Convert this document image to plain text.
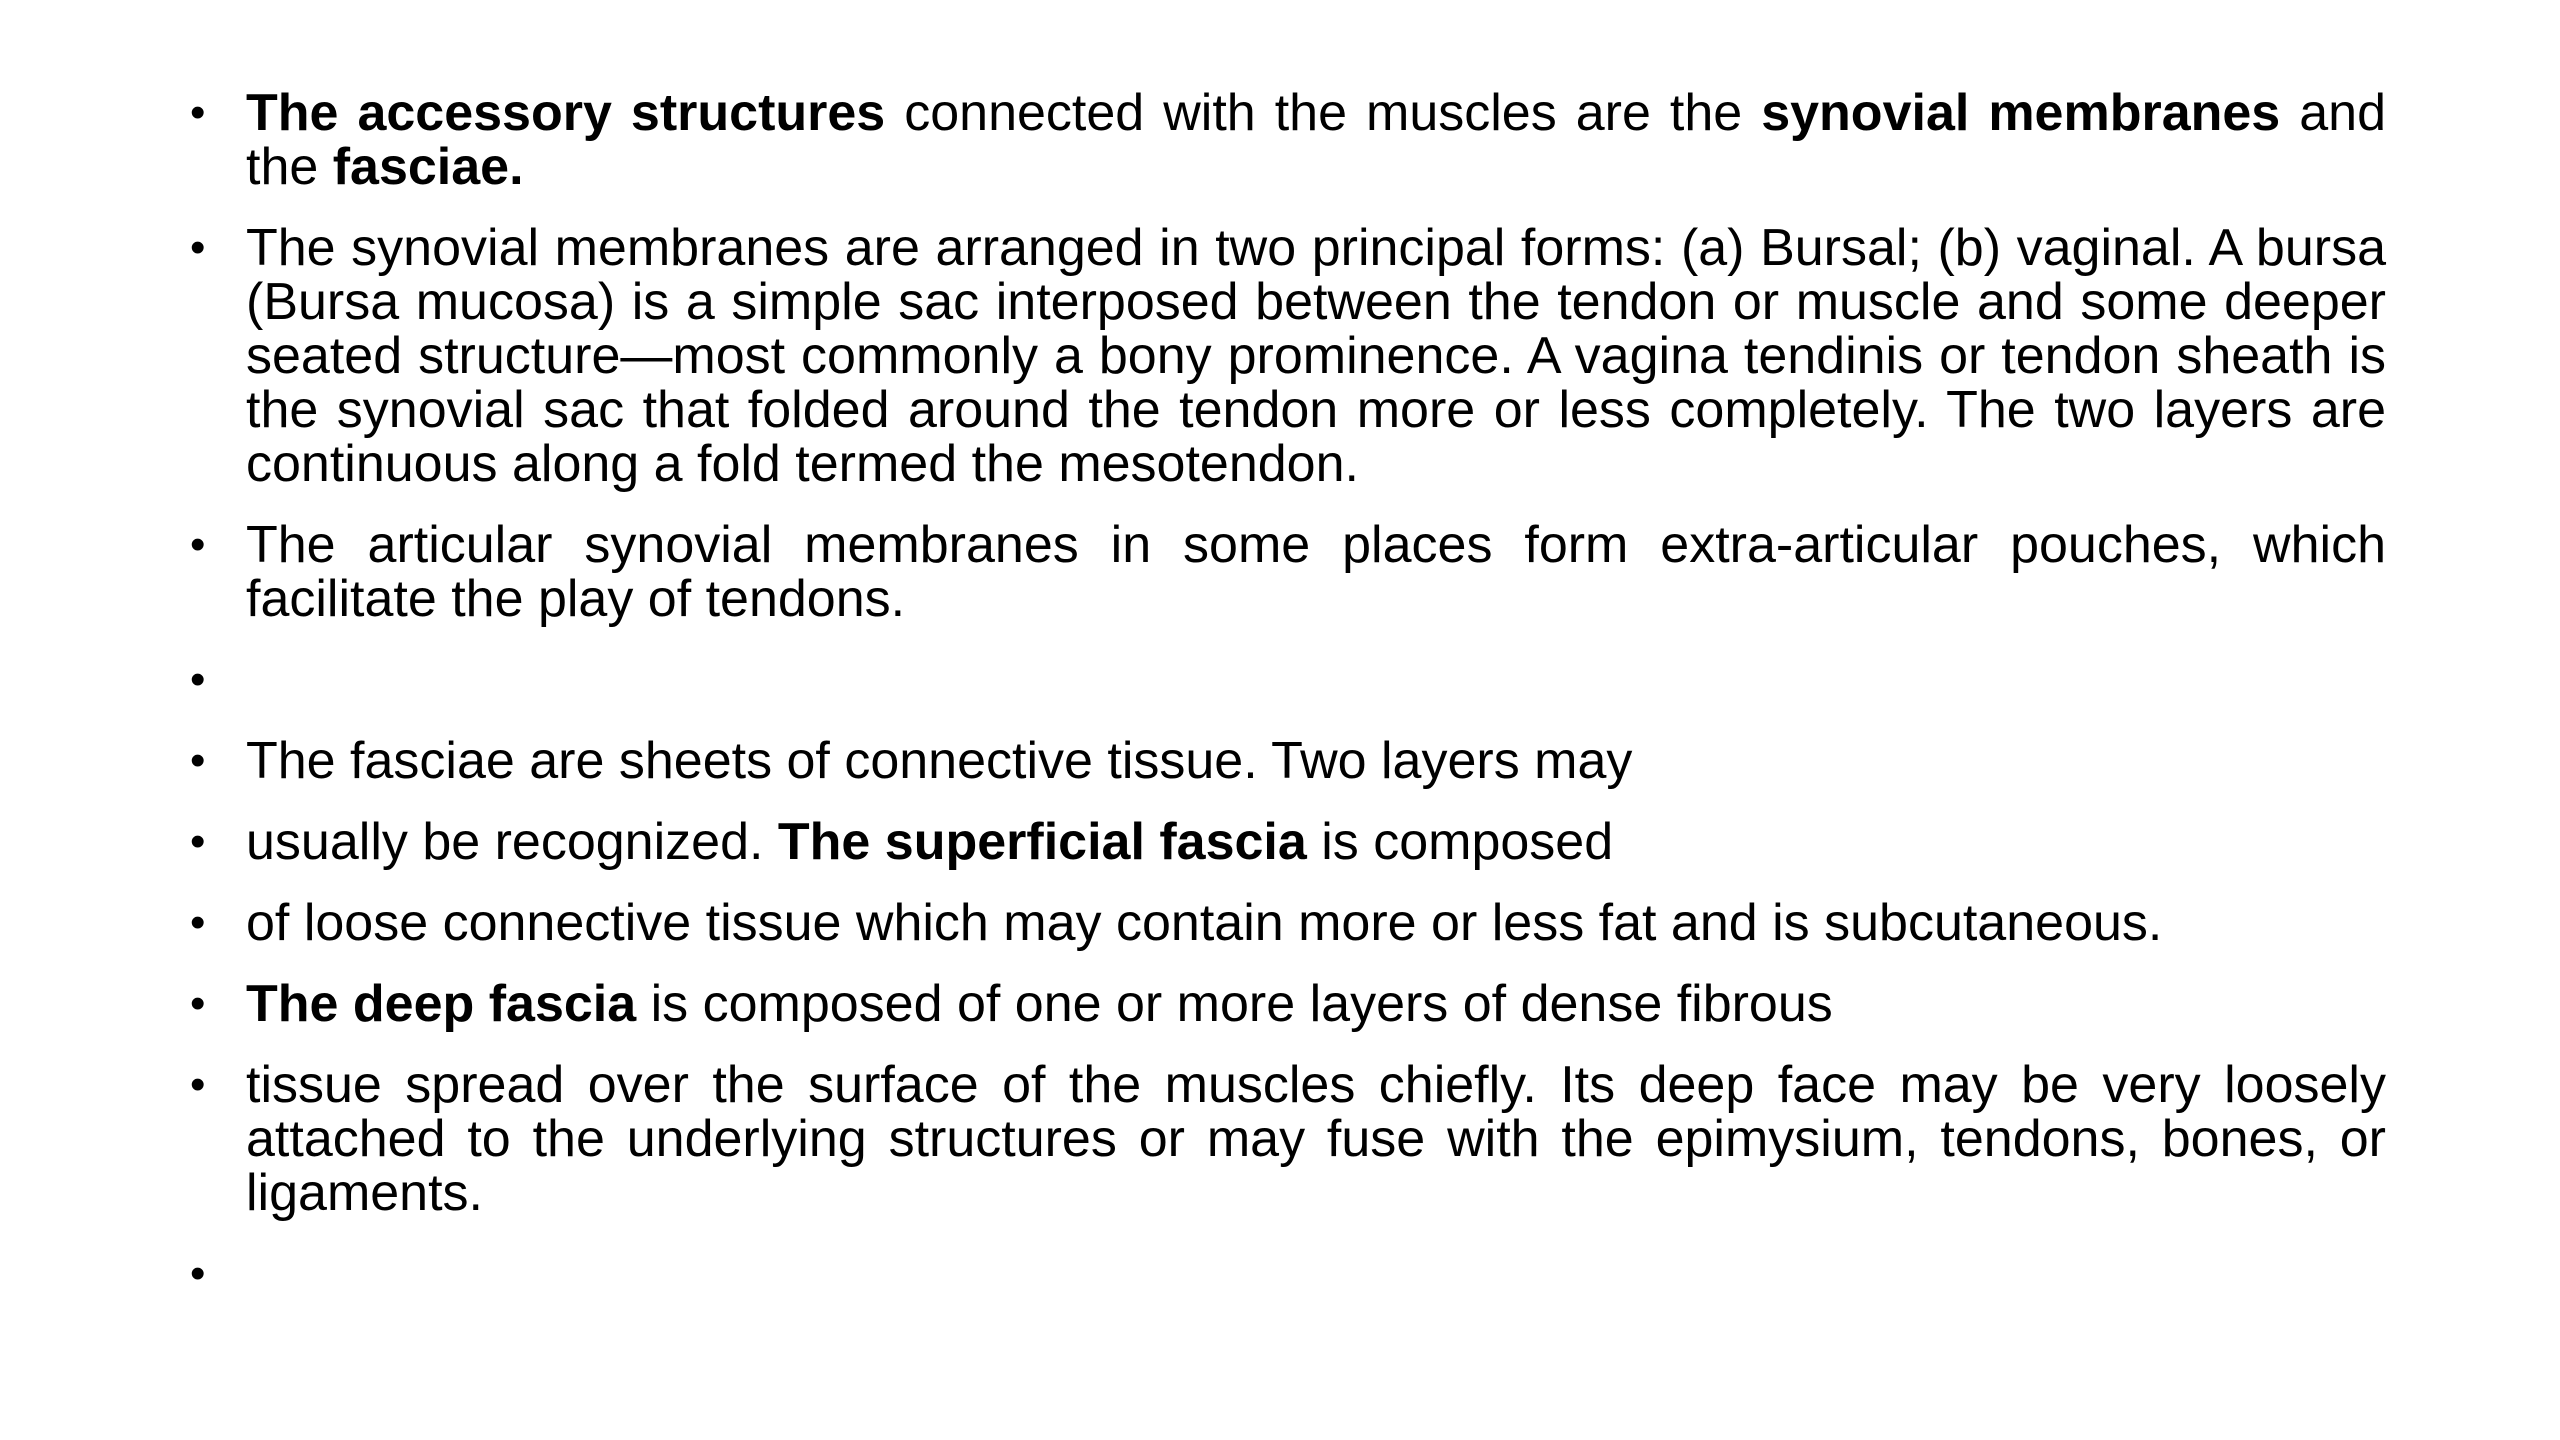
• The accessory structures connected with the muscles are the synovial membranes and the fasciae.
• The synovial membranes are arranged in two principal forms: (a) Bursal; (b) vaginal. A bursa (Bursa mucosa) is a simple sac interposed between the tendon or muscle and some deeper seated structure—most commonly a bony prominence. A vagina tendinis or tendon sheath is the synovial sac that folded around the tendon more or less completely. The two layers are continuous along a fold termed the mesotendon.
• The articular synovial membranes in some places form extra-articular pouches, which facilitate the play of tendons.
•
• The fasciae are sheets of connective tissue. Two layers may
• usually be recognized. The superficial fascia is composed
• of loose connective tissue which may contain more or less fat and is subcutaneous.
• The deep fascia is composed of one or more layers of dense fibrous
• tissue spread over the surface of the muscles chiefly. Its deep face may be very loosely attached to the underlying structures or may fuse with the epimysium, tendons, bones, or ligaments.
•
